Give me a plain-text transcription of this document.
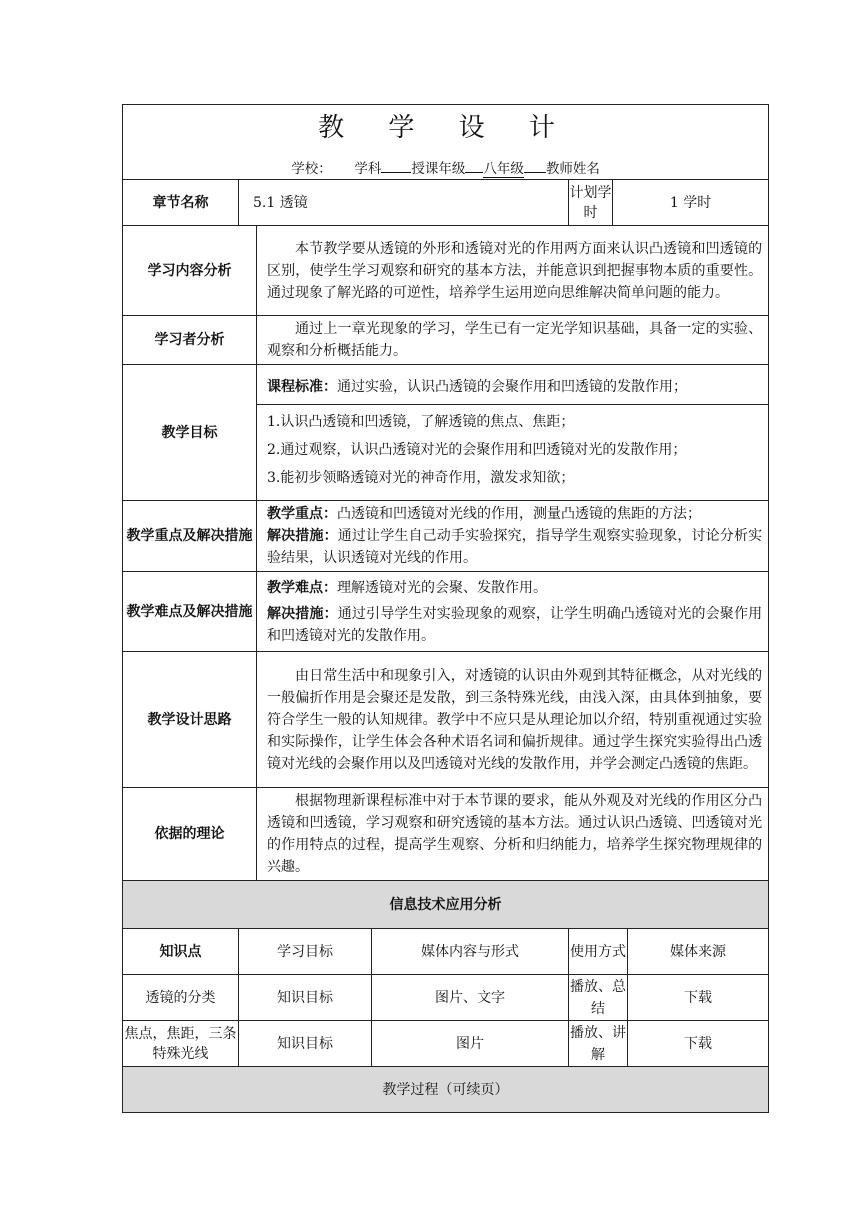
教 学 设 计
学校： 学科 授课年级 八年级 教师姓名						

章节名称	5.1 透镜			计划学时	1 学时	
学习内容分析		本节教学要从透镜的外形和透镜对光的作用两方面来认识凸透镜和凹透镜的区别，使学生学习观察和研究的基本方法，并能意识到把握事物本质的重要性。通过现象了解光路的可逆性，培养学生运用逆向思维解决简单问题的能力。				
学习者分析		通过上一章光现象的学习，学生已有一定光学知识基础，具备一定的实验、观察和分析概括能力。				
教学目标		课程标准：通过实验，认识凸透镜的会聚作用和凹透镜的发散作用；
1.认识凸透镜和凹透镜，了解透镜的焦点、焦距；
2.通过观察，认识凸透镜对光的会聚作用和凹透镜对光的发散作用；
3.能初步领略透镜对光的神奇作用，激发求知欲；				

教学重点及解决措施		教学重点：凸透镜和凹透镜对光线的作用，测量凸透镜的焦距的方法；
解决措施：通过让学生自己动手实验探究，指导学生观察实验现象，讨论分析实验结果，认识透镜对光线的作用。				

教学难点及解决措施		教学难点：理解透镜对光的会聚、发散作用。
解决措施：通过引导学生对实验现象的观察，让学生明确凸透镜对光的会聚作用和凹透镜对光的发散作用。				

教学设计思路		由日常生活中和现象引入，对透镜的认识由外观到其特征概念，从对光线的一般偏折作用是会聚还是发散，到三条特殊光线，由浅入深，由具体到抽象，要符合学生一般的认知规律。教学中不应只是从理论加以介绍，特别重视通过实验和实际操作，让学生体会各种术语名词和偏折规律。通过学生探究实验得出凸透镜对光线的会聚作用以及凹透镜对光线的发散作用，并学会测定凸透镜的焦距。				
依据的理论		根据物理新课程标准中对于本节课的要求，能从外观及对光线的作用区分凸透镜和凹透镜，学习观察和研究透镜的基本方法。通过认识凸透镜、凹透镜对光的作用特点的过程，提高学生观察、分析和归纳能力，培养学生探究物理规律的兴趣。				
信息技术应用分析						
知识点	学习目标		媒体内容与形式	使用方式		媒体来源
透镜的分类	知识目标		图片、文字	播放、总结		下载
焦点，焦距，三条特殊光线	知识目标		图片	播放、讲解		下载
教学过程（可续页）						
